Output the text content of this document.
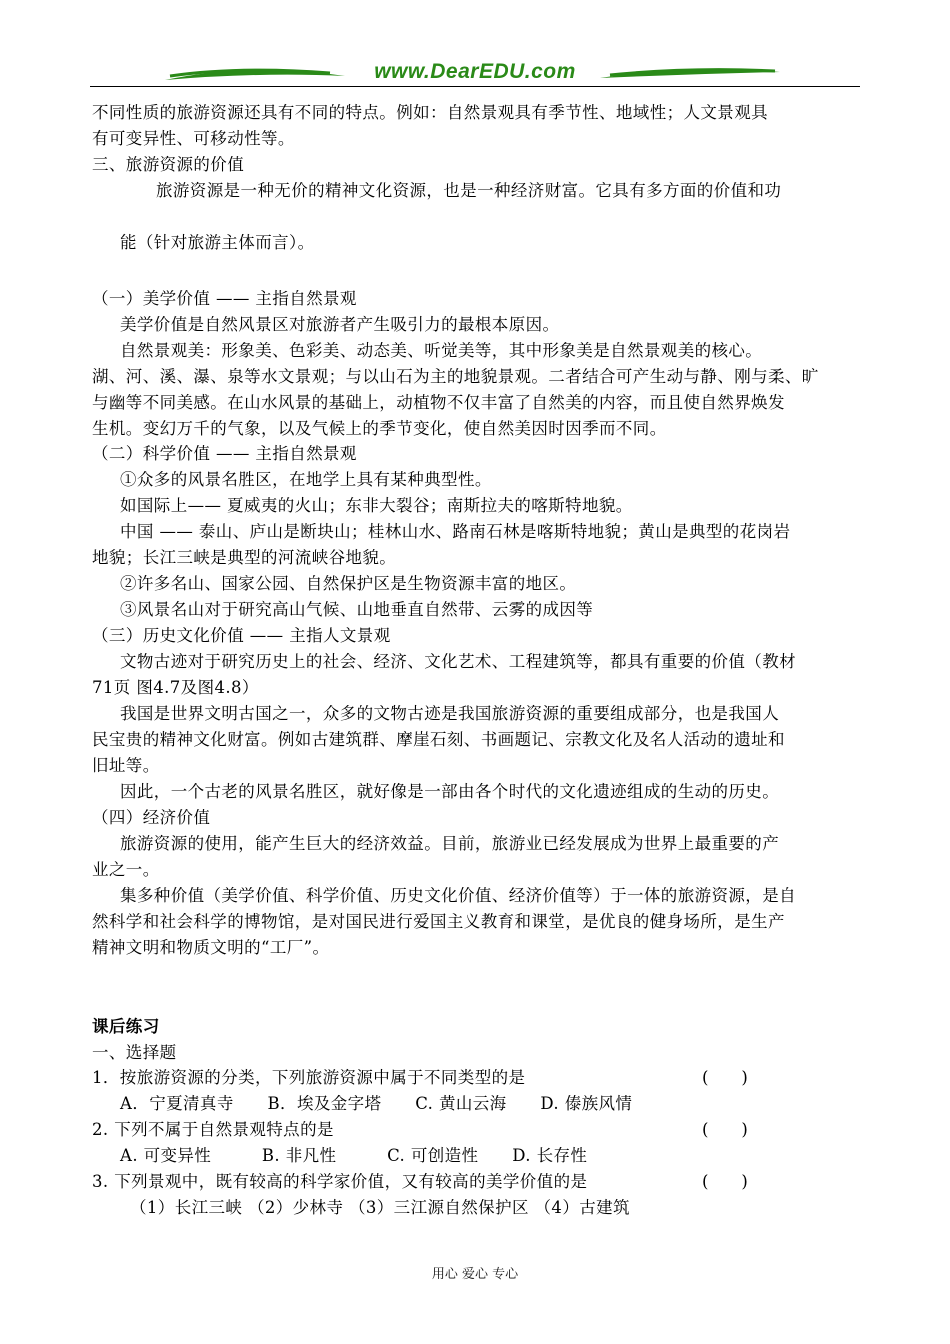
www.DearEDU.com
不同性质的旅游资源还具有不同的特点。例如：自然景观具有季节性、地域性；人文景观具
有可变异性、可移动性等。
三、旅游资源的价值
旅游资源是一种无价的精神文化资源，也是一种经济财富。它具有多方面的价值和功
能（针对旅游主体而言）。
（一）美学价值 —— 主指自然景观
美学价值是自然风景区对旅游者产生吸引力的最根本原因。
自然景观美：形象美、色彩美、动态美、听觉美等，其中形象美是自然景观美的核心。
湖、河、溪、瀑、泉等水文景观；与以山石为主的地貌景观。二者结合可产生动与静、刚与柔、旷
与幽等不同美感。在山水风景的基础上，动植物不仅丰富了自然美的内容，而且使自然界焕发
生机。变幻万千的气象，以及气候上的季节变化，使自然美因时因季而不同。
（二）科学价值 —— 主指自然景观
①众多的风景名胜区，在地学上具有某种典型性。
如国际上—— 夏威夷的火山；东非大裂谷；南斯拉夫的喀斯特地貌。
中国 —— 泰山、庐山是断块山；桂林山水、路南石林是喀斯特地貌；黄山是典型的花岗岩
地貌；长江三峡是典型的河流峡谷地貌。
②许多名山、国家公园、自然保护区是生物资源丰富的地区。
③风景名山对于研究高山气候、山地垂直自然带、云雾的成因等
（三）历史文化价值 —— 主指人文景观
文物古迹对于研究历史上的社会、经济、文化艺术、工程建筑等，都具有重要的价值（教材
71页 图4.7及图4.8）
我国是世界文明古国之一，众多的文物古迹是我国旅游资源的重要组成部分，也是我国人
民宝贵的精神文化财富。例如古建筑群、摩崖石刻、书画题记、宗教文化及名人活动的遗址和
旧址等。
因此，一个古老的风景名胜区，就好像是一部由各个时代的文化遗迹组成的生动的历史。
（四）经济价值
旅游资源的使用，能产生巨大的经济效益。目前，旅游业已经发展成为世界上最重要的产
业之一。
集多种价值（美学价值、科学价值、历史文化价值、经济价值等）于一体的旅游资源，是自
然科学和社会科学的博物馆，是对国民进行爱国主义教育和课堂，是优良的健身场所，是生产
精神文明和物质文明的“工厂”。
课后练习
一、选择题
1．按旅游资源的分类，下列旅游资源中属于不同类型的是	(　　)
A．宁夏清真寺　　B．埃及金字塔　　C. 黄山云海　　D. 傣族风情
2. 下列不属于自然景观特点的是	(　　)
A. 可变异性　　　B. 非凡性　　　C. 可创造性　　D. 长存性
3. 下列景观中，既有较高的科学家价值，又有较高的美学价值的是	(　　)
（1）长江三峡 （2）少林寺 （3）三江源自然保护区 （4）古建筑
用心 爱心 专心
